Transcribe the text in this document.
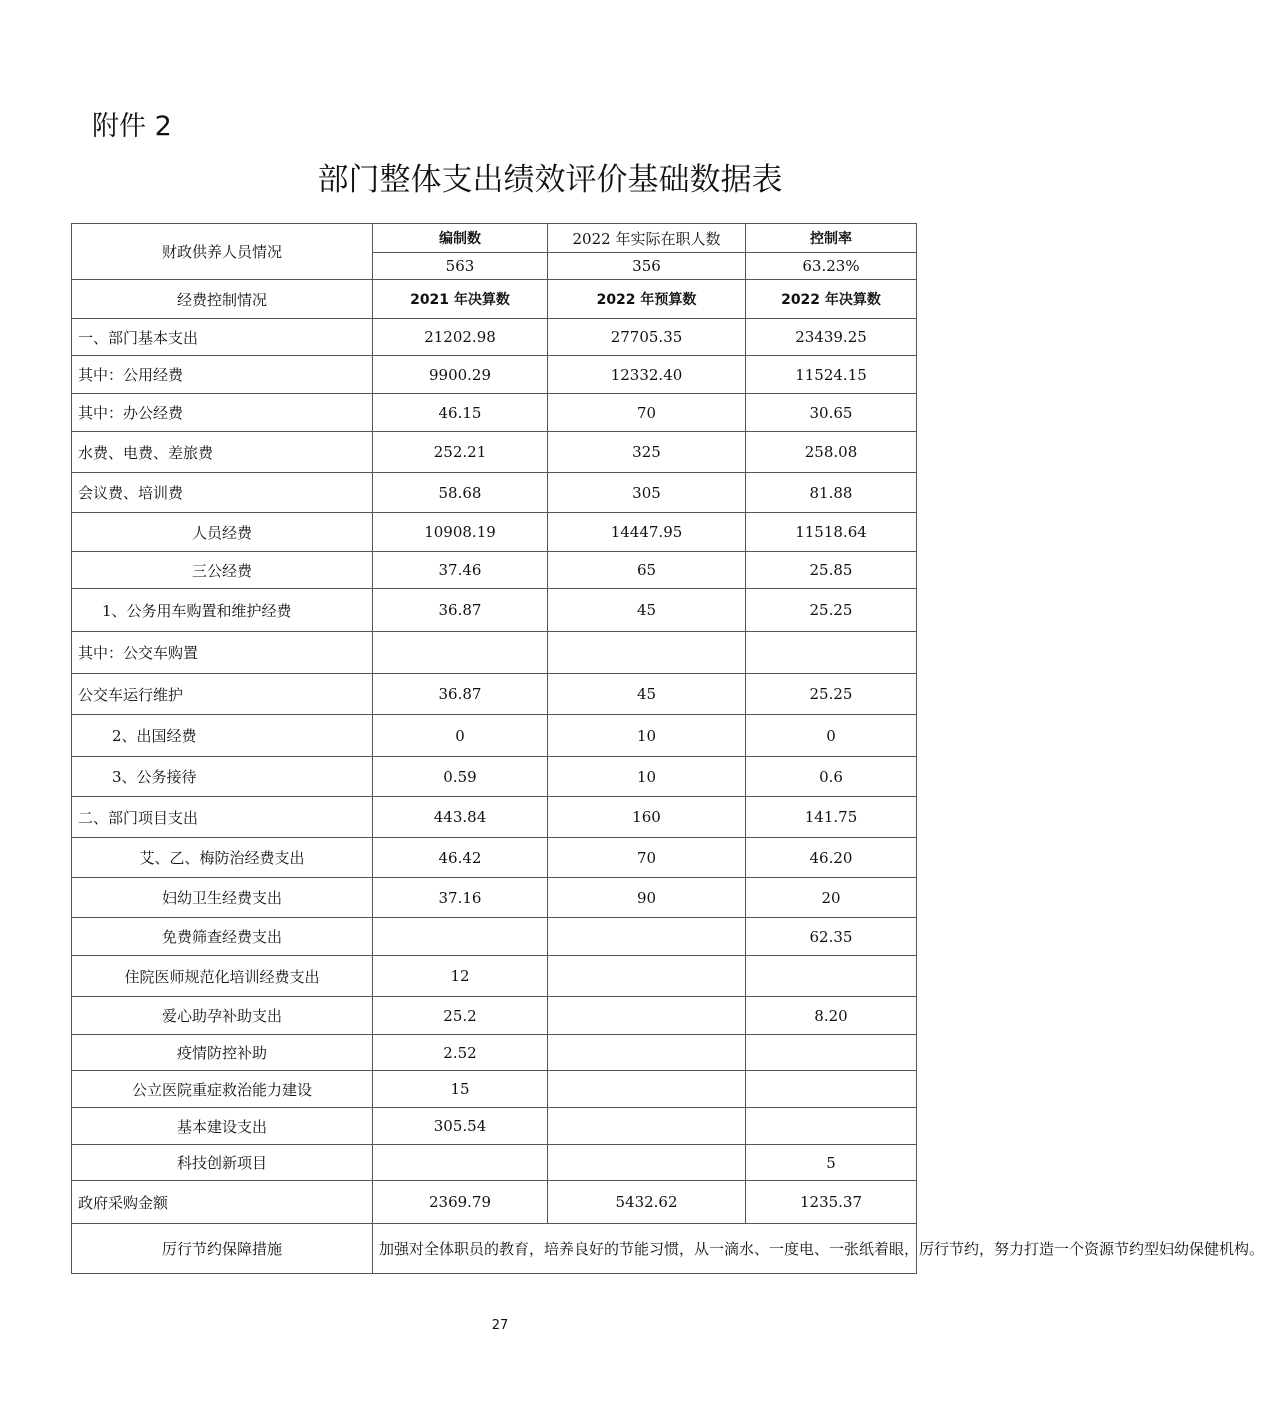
附件 2
部门整体支出绩效评价基础数据表
财政供养人员情况	编制数	2022 年实际在职人数	控制率
	563	356	63.23%
经费控制情况	2021 年决算数	2022 年预算数	2022 年决算数
一、部门基本支出	21202.98	27705.35	23439.25
其中：公用经费	9900.29	12332.40	11524.15
其中：办公经费	46.15	70	30.65
水费、电费、差旅费	252.21	325	258.08
会议费、培训费	58.68	305	81.88
人员经费	10908.19	14447.95	11518.64
三公经费	37.46	65	25.85
1、公务用车购置和维护经费	36.87	45	25.25
其中：公交车购置			
公交车运行维护	36.87	45	25.25
2、出国经费	0	10	0
3、公务接待	0.59	10	0.6
二、部门项目支出	443.84	160	141.75
艾、乙、梅防治经费支出	46.42	70	46.20
妇幼卫生经费支出	37.16	90	20
免费筛查经费支出			62.35
住院医师规范化培训经费支出	12		
爱心助孕补助支出	25.2		8.20
疫情防控补助	2.52		
公立医院重症救治能力建设	15		
基本建设支出	305.54		
科技创新项目			5
政府采购金额	2369.79	5432.62	1235.37
厉行节约保障措施	加强对全体职员的教育，培养良好的节能习惯，从一滴水、一度电、一张纸着眼，厉行节约，努力打造一个资源节约型妇幼保健机构。		
27
